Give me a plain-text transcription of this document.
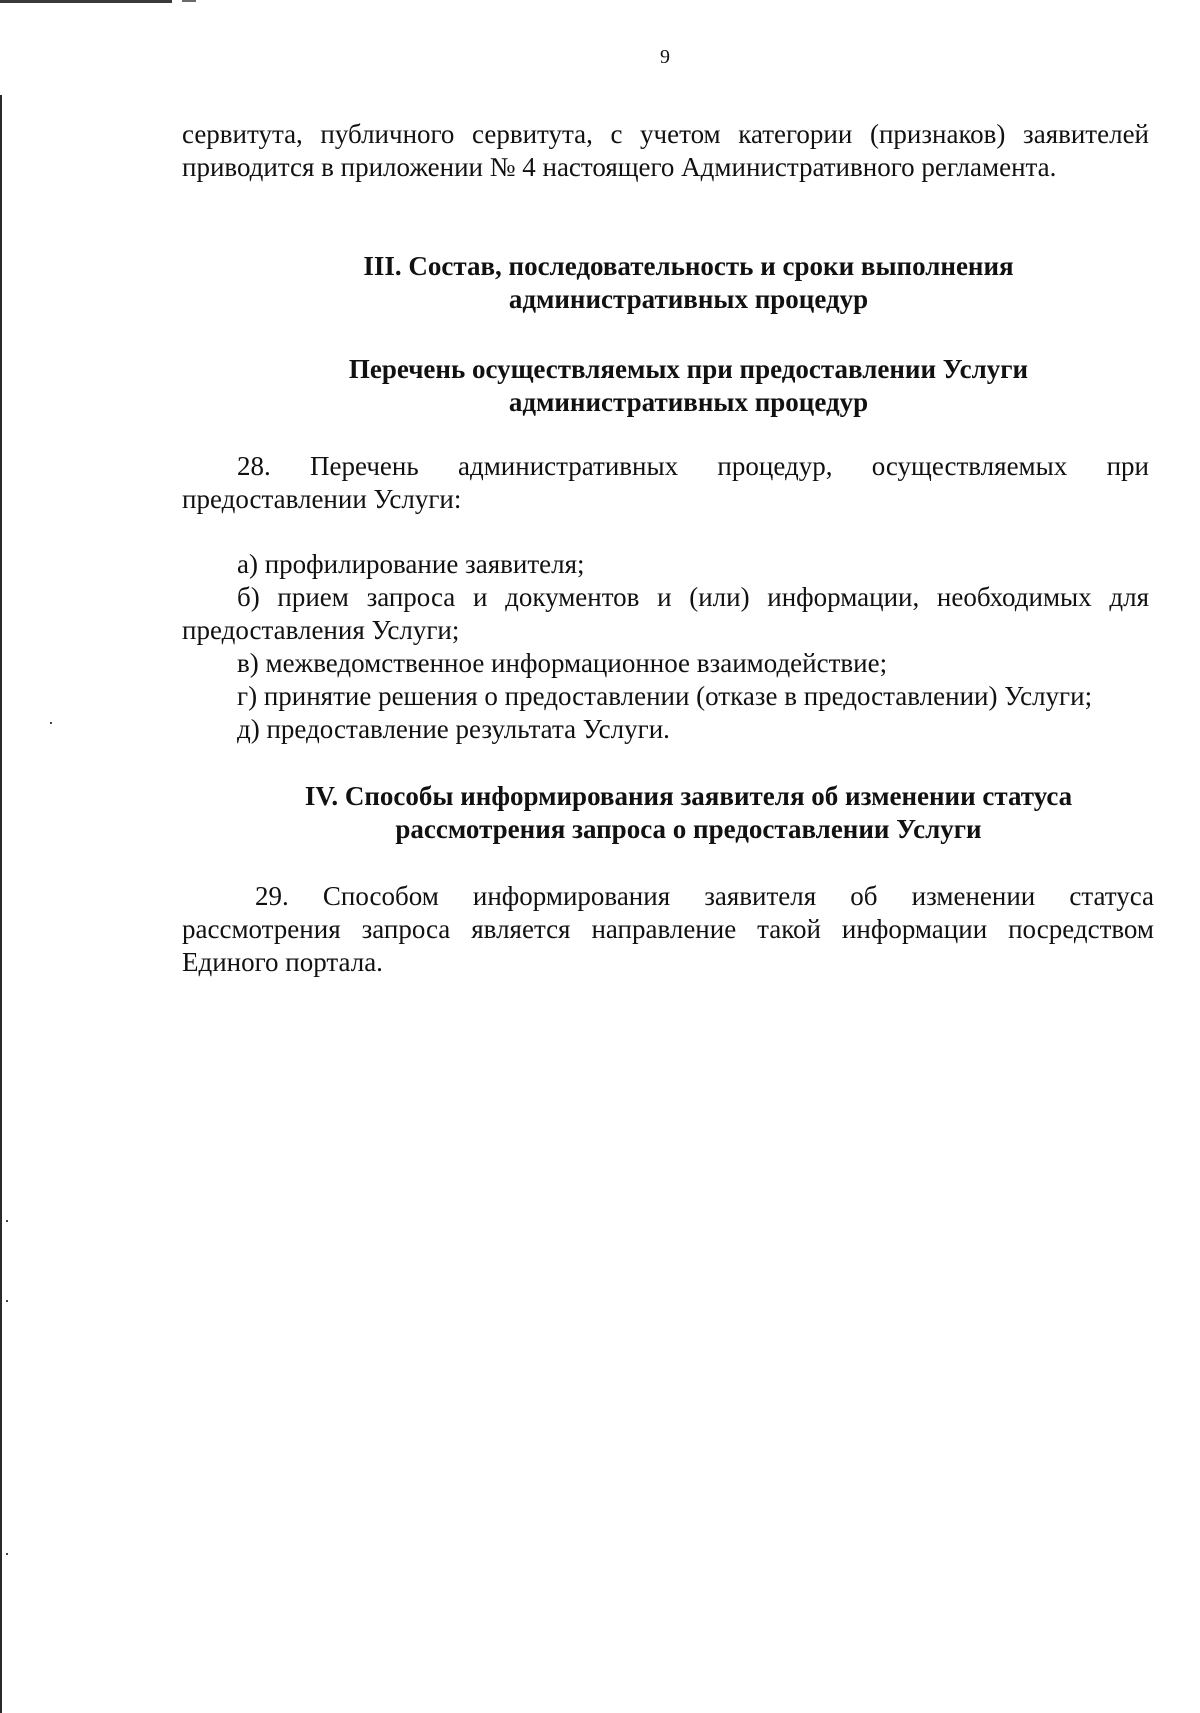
9
сервитута, публичного сервитута, с учетом категории (признаков) заявителей
приводится в приложении № 4 настоящего Административного регламента.
III. Состав, последовательность и сроки выполнения
административных процедур
Перечень осуществляемых при предоставлении Услуги
административных процедур
28. Перечень административных процедур, осуществляемых при
предоставлении Услуги:
а) профилирование заявителя;
б) прием запроса и документов и (или) информации, необходимых для
предоставления Услуги;
в) межведомственное информационное взаимодействие;
г) принятие решения о предоставлении (отказе в предоставлении) Услуги;
д) предоставление результата Услуги.
IV. Способы информирования заявителя об изменении статуса
рассмотрения запроса о предоставлении Услуги
29. Способом информирования заявителя об изменении статуса
рассмотрения запроса является направление такой информации посредством
Единого портала.
